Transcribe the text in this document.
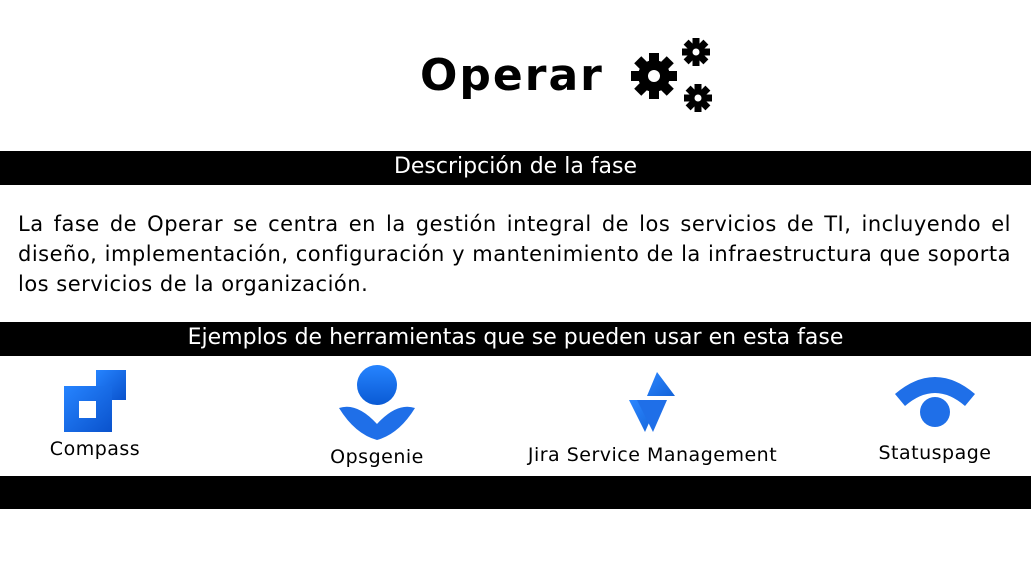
Operar
Descripción de la fase
La fase de Operar se centra en la gestión integral de los servicios de TI, incluyendo el diseño, implementación, configuración y mantenimiento de la infraestructura que soporta los servicios de la organización.
Ejemplos de herramientas que se pueden usar en esta fase
Compass	Opsgenie	Jira Service Management	Statuspage
